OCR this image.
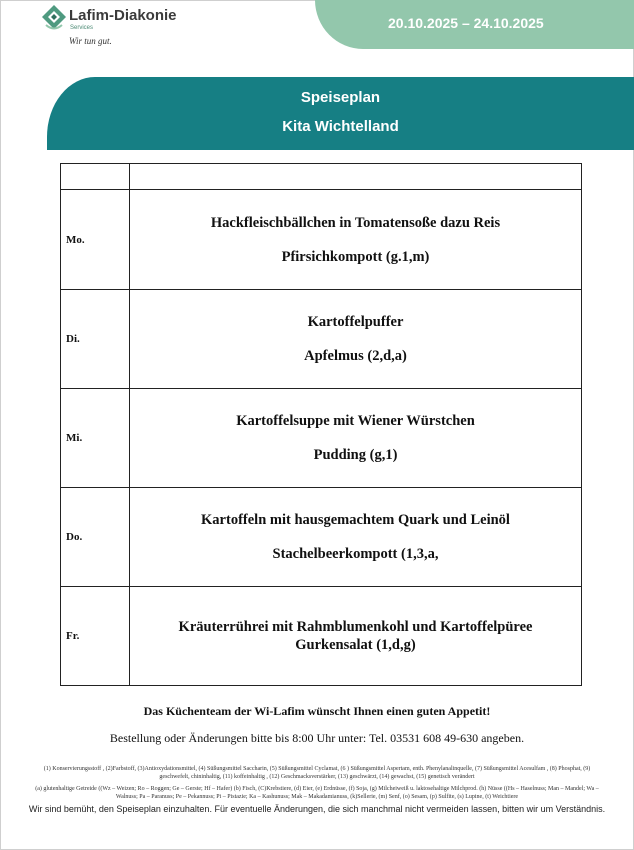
Lafim-Diakonie
Services
Wir tun gut.
20.10.2025 – 24.10.2025
Speiseplan
Kita Wichtelland

Mo.	Hackfleischbällchen in Tomatensoße dazu Reis
Pfirsichkompott (g.1,m)

Di.	Kartoffelpuffer
Apfelmus (2,d,a)

Mi.	Kartoffelsuppe mit Wiener Würstchen
Pudding (g,1)

Do.	Kartoffeln mit hausgemachtem Quark und Leinöl
Stachelbeerkompott (1,3,a,

Fr.	Kräuterrührei mit Rahmblumenkohl und Kartoffelpüree
Gurkensalat (1,d,g)
Das Küchenteam der Wi-Lafim wünscht Ihnen einen guten Appetit!
Bestellung oder Änderungen bitte bis 8:00 Uhr unter: Tel. 03531 608 49-630 angeben.
(1) Konservierungsstoff , (2)Farbstoff, (3)Antioxydationsmittel, (4) Süßungsmittel Saccharin, (5) Süßungsmittel Cyclamat, (6 ) Süßungsmittel Aspertam, enth. Phenylanalinquelle, (7) Süßungsmittel Acesulfam , (8) Phosphat, (9) geschwefelt, chininhaltig, (11) koffeinhaltig , (12) Geschmacksverstärker, (13) geschwärzt, (14) gewachst, (15) genetisch verändert
(a) glutenhaltige Getreide ((Wz – Weizen; Ro – Roggen; Ge – Gerste; Hf – Hafer) (b) Fisch, (C)Krebstiere, (d) Eier, (e) Erdnüsse, (f) Soja, (g) Milcheiweiß u. laktosehaltige Milchprod. (h) Nüsse ((Hs – Haselnuss; Man – Mandel; Wa – Walnuss; Pa – Paranuss; Pe – Pekannuss; Pi – Pistazie; Ka – Kashunuss; Mak – Makadamianuss, (k)Sellerie, (m) Senf, (o) Sesam, (p) Sulfite, (s) Lupine, (t) Weichtiere
Wir sind bemüht, den Speiseplan einzuhalten. Für eventuelle Änderungen, die sich manchmal nicht vermeiden lassen, bitten wir um Verständnis.
